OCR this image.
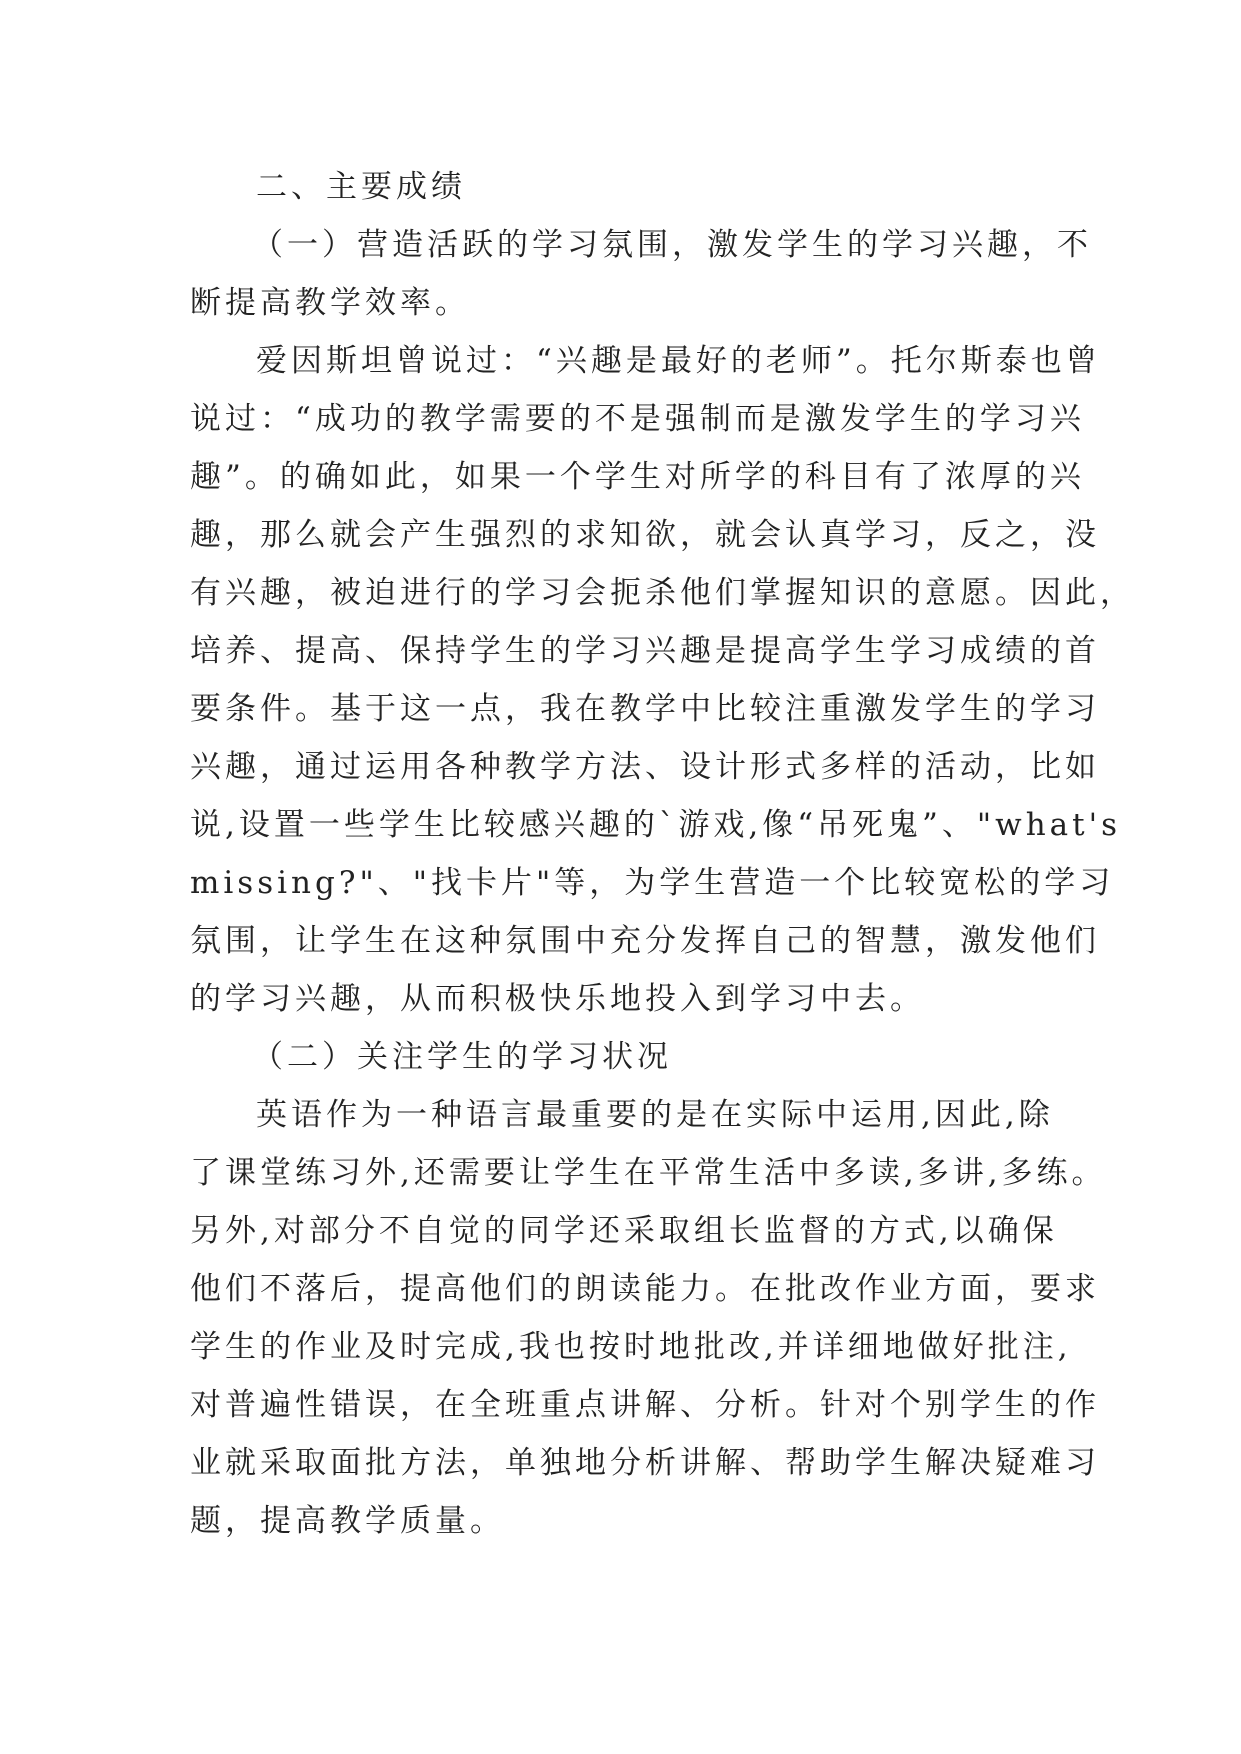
二、主要成绩

（一）营造活跃的学习氛围，激发学生的学习兴趣，不

断提高教学效率。

爱因斯坦曾说过：“兴趣是最好的老师”。托尔斯泰也曾

说过：“成功的教学需要的不是强制而是激发学生的学习兴

趣”。的确如此，如果一个学生对所学的科目有了浓厚的兴

趣，那么就会产生强烈的求知欲，就会认真学习，反之，没

有兴趣，被迫进行的学习会扼杀他们掌握知识的意愿。因此，

培养、提高、保持学生的学习兴趣是提高学生学习成绩的首

要条件。基于这一点，我在教学中比较注重激发学生的学习

兴趣，通过运用各种教学方法、设计形式多样的活动，比如

说,设置一些学生比较感兴趣的`游戏,像“吊死鬼”、"what's

missing?"、"找卡片"等，为学生营造一个比较宽松的学习

氛围，让学生在这种氛围中充分发挥自己的智慧，激发他们

的学习兴趣，从而积极快乐地投入到学习中去。

（二）关注学生的学习状况

英语作为一种语言最重要的是在实际中运用,因此,除

了课堂练习外,还需要让学生在平常生活中多读,多讲,多练。

另外,对部分不自觉的同学还采取组长监督的方式,以确保

他们不落后，提高他们的朗读能力。在批改作业方面，要求

学生的作业及时完成,我也按时地批改,并详细地做好批注,

对普遍性错误，在全班重点讲解、分析。针对个别学生的作

业就采取面批方法，单独地分析讲解、帮助学生解决疑难习

题，提高教学质量。
